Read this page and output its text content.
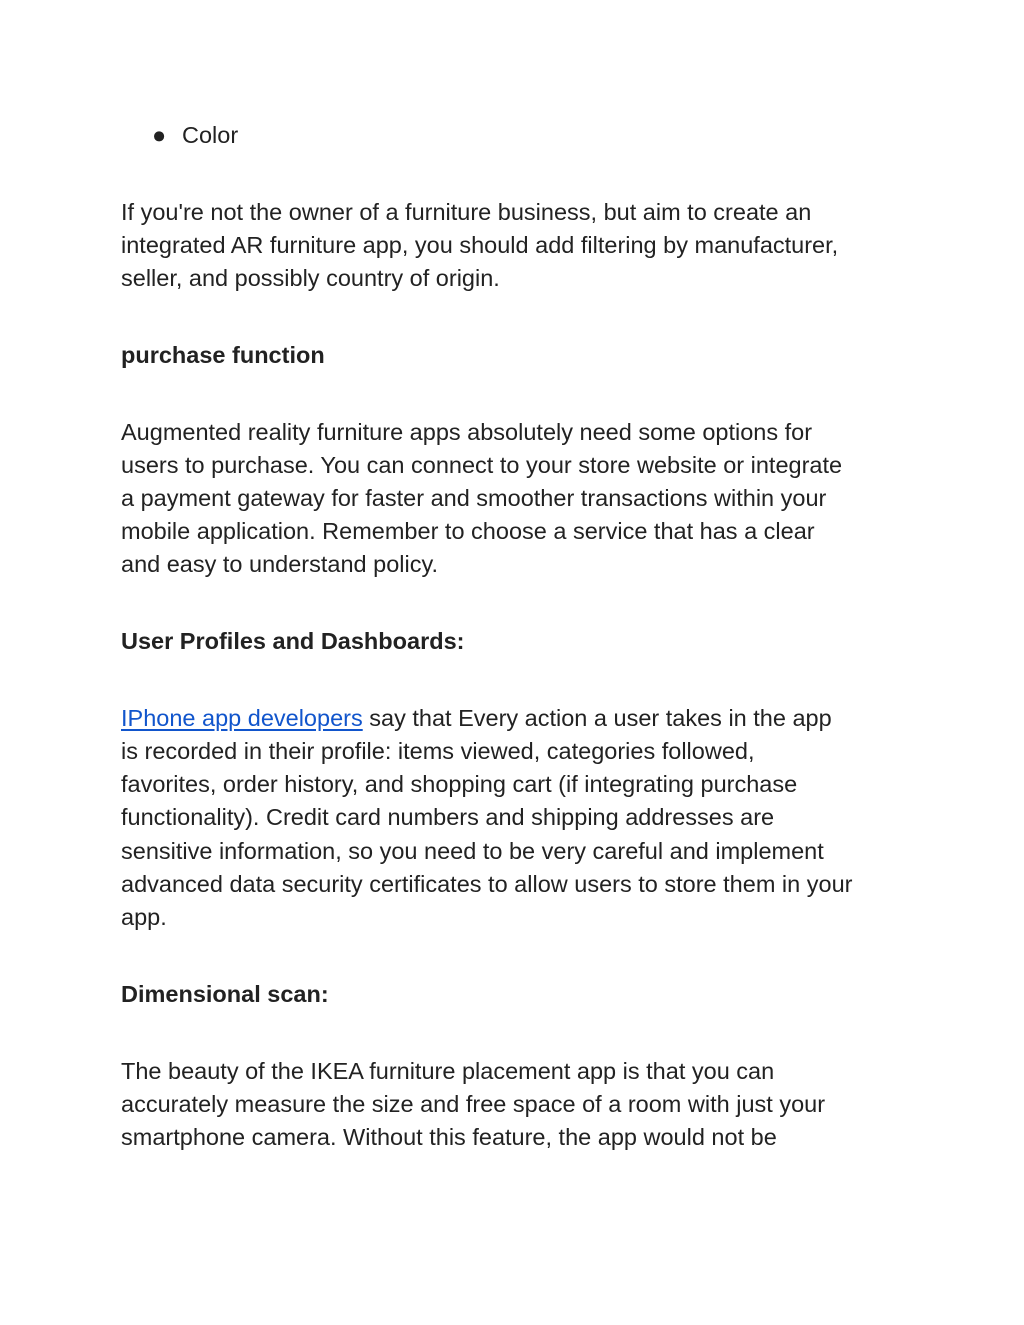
● Color
If you're not the owner of a furniture business, but aim to create an
integrated AR furniture app, you should add filtering by manufacturer,
seller, and possibly country of origin.
purchase function
Augmented reality furniture apps absolutely need some options for
users to purchase. You can connect to your store website or integrate
a payment gateway for faster and smoother transactions within your
mobile application. Remember to choose a service that has a clear
and easy to understand policy.
User Profiles and Dashboards:
IPhone app developers say that Every action a user takes in the app
is recorded in their profile: items viewed, categories followed,
favorites, order history, and shopping cart (if integrating purchase
functionality). Credit card numbers and shipping addresses are
sensitive information, so you need to be very careful and implement
advanced data security certificates to allow users to store them in your
app.
Dimensional scan:
The beauty of the IKEA furniture placement app is that you can
accurately measure the size and free space of a room with just your
smartphone camera. Without this feature, the app would not be
